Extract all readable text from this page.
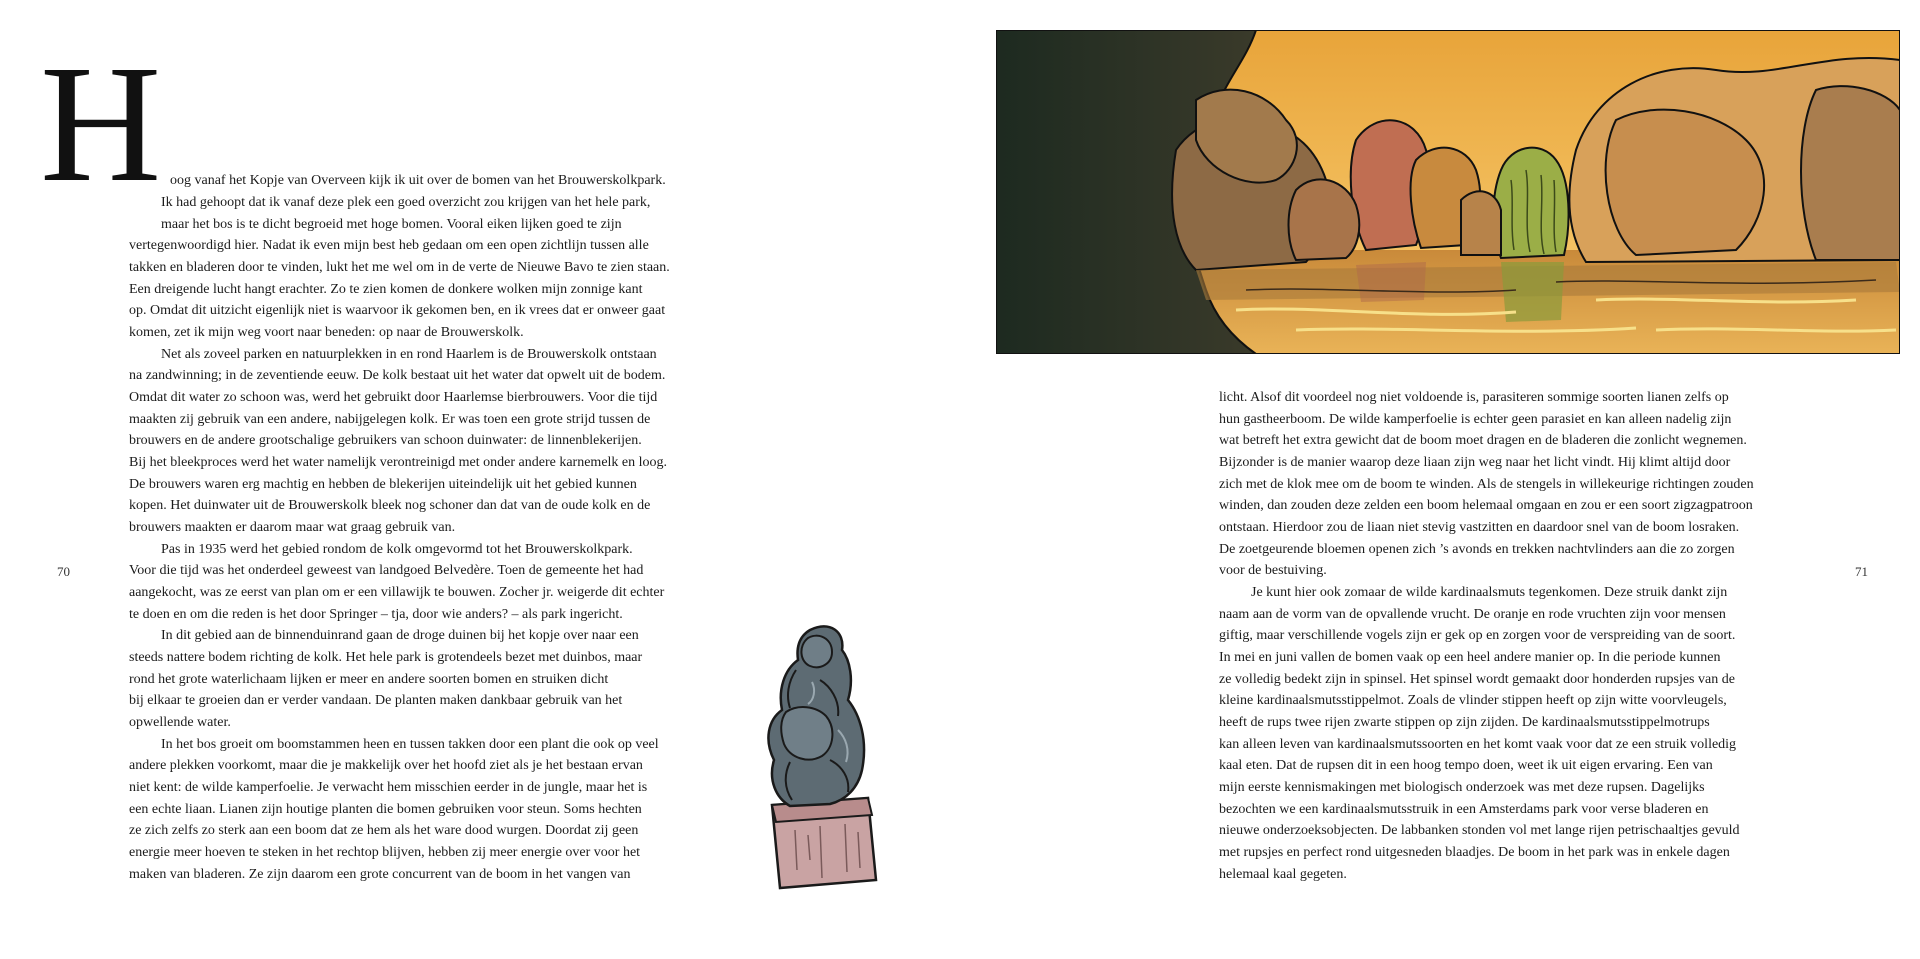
H
70
oog vanaf het Kopje van Overveen kijk ik uit over de bomen van het Brouwerskolkpark.
Ik had gehoopt dat ik vanaf deze plek een goed overzicht zou krijgen van het hele park,
maar het bos is te dicht begroeid met hoge bomen. Vooral eiken lijken goed te zijn
vertegenwoordigd hier. Nadat ik even mijn best heb gedaan om een open zichtlijn tussen alle
takken en bladeren door te vinden, lukt het me wel om in de verte de Nieuwe Bavo te zien staan.
Een dreigende lucht hangt erachter. Zo te zien komen de donkere wolken mijn zonnige kant
op. Omdat dit uitzicht eigenlijk niet is waarvoor ik gekomen ben, en ik vrees dat er onweer gaat
komen, zet ik mijn weg voort naar beneden: op naar de Brouwerskolk.
Net als zoveel parken en natuurplekken in en rond Haarlem is de Brouwerskolk ontstaan
na zandwinning; in de zeventiende eeuw. De kolk bestaat uit het water dat opwelt uit de bodem.
Omdat dit water zo schoon was, werd het gebruikt door Haarlemse bierbrouwers. Voor die tijd
maakten zij gebruik van een andere, nabijgelegen kolk. Er was toen een grote strijd tussen de
brouwers en de andere grootschalige gebruikers van schoon duinwater: de linnenblekerijen.
Bij het bleekproces werd het water namelijk verontreinigd met onder andere karnemelk en loog.
De brouwers waren erg machtig en hebben de blekerijen uiteindelijk uit het gebied kunnen
kopen. Het duinwater uit de Brouwerskolk bleek nog schoner dan dat van de oude kolk en de
brouwers maakten er daarom maar wat graag gebruik van.
Pas in 1935 werd het gebied rondom de kolk omgevormd tot het Brouwerskolkpark.
Voor die tijd was het onderdeel geweest van landgoed Belvedère. Toen de gemeente het had
aangekocht, was ze eerst van plan om er een villawijk te bouwen. Zocher jr. weigerde dit echter
te doen en om die reden is het door Springer – tja, door wie anders? – als park ingericht.
In dit gebied aan de binnenduinrand gaan de droge duinen bij het kopje over naar een
steeds nattere bodem richting de kolk. Het hele park is grotendeels bezet met duinbos, maar
rond het grote waterlichaam lijken er meer en andere soorten bomen en struiken dicht
bij elkaar te groeien dan er verder vandaan. De planten maken dankbaar gebruik van het
opwellende water.
In het bos groeit om boomstammen heen en tussen takken door een plant die ook op veel
andere plekken voorkomt, maar die je makkelijk over het hoofd ziet als je het bestaan ervan
niet kent: de wilde kamperfoelie. Je verwacht hem misschien eerder in de jungle, maar het is
een echte liaan. Lianen zijn houtige planten die bomen gebruiken voor steun. Soms hechten
ze zich zelfs zo sterk aan een boom dat ze hem als het ware dood wurgen. Doordat zij geen
energie meer hoeven te steken in het rechtop blijven, hebben zij meer energie over voor het
maken van bladeren. Ze zijn daarom een grote concurrent van de boom in het vangen van
71
licht. Alsof dit voordeel nog niet voldoende is, parasiteren sommige soorten lianen zelfs op
hun gastheerboom. De wilde kamperfoelie is echter geen parasiet en kan alleen nadelig zijn
wat betreft het extra gewicht dat de boom moet dragen en de bladeren die zonlicht wegnemen.
Bijzonder is de manier waarop deze liaan zijn weg naar het licht vindt. Hij klimt altijd door
zich met de klok mee om de boom te winden. Als de stengels in willekeurige richtingen zouden
winden, dan zouden deze zelden een boom helemaal omgaan en zou er een soort zigzagpatroon
ontstaan. Hierdoor zou de liaan niet stevig vastzitten en daardoor snel van de boom losraken.
De zoetgeurende bloemen openen zich ’s avonds en trekken nachtvlinders aan die zo zorgen
voor de bestuiving.
Je kunt hier ook zomaar de wilde kardinaalsmuts tegenkomen. Deze struik dankt zijn
naam aan de vorm van de opvallende vrucht. De oranje en rode vruchten zijn voor mensen
giftig, maar verschillende vogels zijn er gek op en zorgen voor de verspreiding van de soort.
In mei en juni vallen de bomen vaak op een heel andere manier op. In die periode kunnen
ze volledig bedekt zijn in spinsel. Het spinsel wordt gemaakt door honderden rupsjes van de
kleine kardinaalsmutsstippelmot. Zoals de vlinder stippen heeft op zijn witte voorvleugels,
heeft de rups twee rijen zwarte stippen op zijn zijden. De kardinaalsmutsstippelmotrups
kan alleen leven van kardinaalsmutssoorten en het komt vaak voor dat ze een struik volledig
kaal eten. Dat de rupsen dit in een hoog tempo doen, weet ik uit eigen ervaring. Een van
mijn eerste kennismakingen met biologisch onderzoek was met deze rupsen. Dagelijks
bezochten we een kardinaalsmutsstruik in een Amsterdams park voor verse bladeren en
nieuwe onderzoeksobjecten. De labbanken stonden vol met lange rijen petrischaaltjes gevuld
met rupsjes en perfect rond uitgesneden blaadjes. De boom in het park was in enkele dagen
helemaal kaal gegeten.
